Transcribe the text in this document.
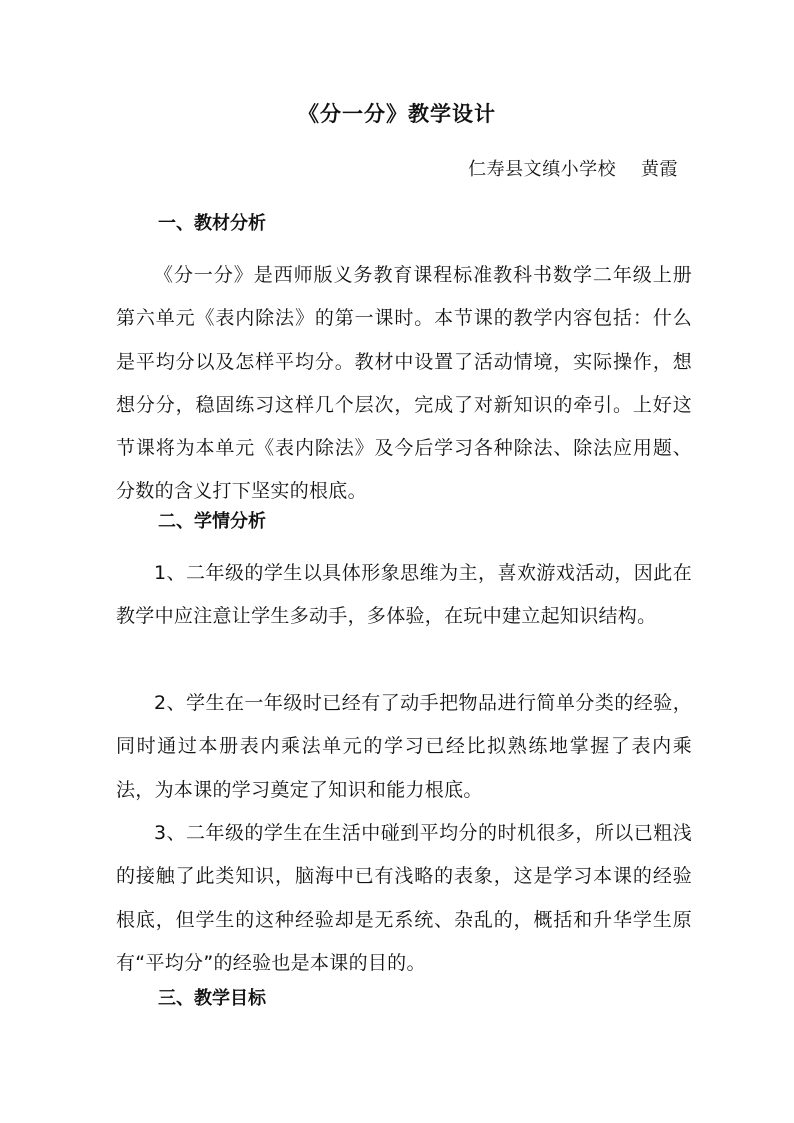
《分一分》教学设计

仁寿县文缜小学校    黄霞

一、教材分析

《分一分》是西师版义务教育课程标准教科书数学二年级上册第六单元《表内除法》的第一课时。本节课的教学内容包括：什么是平均分以及怎样平均分。教材中设置了活动情境，实际操作，想想分分，稳固练习这样几个层次，完成了对新知识的牵引。上好这节课将为本单元《表内除法》及今后学习各种除法、除法应用题、分数的含义打下坚实的根底。

二、学情分析

1、二年级的学生以具体形象思维为主，喜欢游戏活动，因此在教学中应注意让学生多动手，多体验，在玩中建立起知识结构。

2、学生在一年级时已经有了动手把物品进行简单分类的经验，同时通过本册表内乘法单元的学习已经比拟熟练地掌握了表内乘法，为本课的学习奠定了知识和能力根底。

3、二年级的学生在生活中碰到平均分的时机很多，所以已粗浅的接触了此类知识，脑海中已有浅略的表象，这是学习本课的经验根底，但学生的这种经验却是无系统、杂乱的，概括和升华学生原有“平均分”的经验也是本课的目的。

三、教学目标
